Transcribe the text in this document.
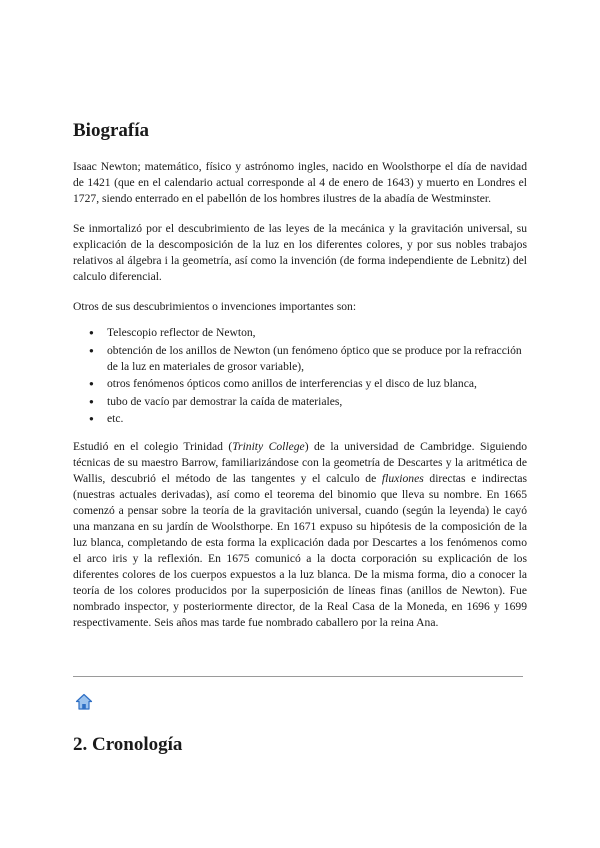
Biografía

Isaac Newton; matemático, físico y astrónomo ingles, nacido en Woolsthorpe el día de navidad de 1421 (que en el calendario actual corresponde al 4 de enero de 1643) y muerto en Londres el 1727, siendo enterrado en el pabellón de los hombres ilustres de la abadía de Westminster.

Se inmortalizó por el descubrimiento de las leyes de la mecánica y la gravitación universal, su explicación de la descomposición de la luz en los diferentes colores, y por sus nobles trabajos relativos al álgebra i la geometría, así como la invención (de forma independiente de Lebnitz) del calculo diferencial.

Otros de sus descubrimientos o invenciones importantes son:

● Telescopio reflector de Newton,
● obtención de los anillos de Newton (un fenómeno óptico que se produce por la refracción de la luz en materiales de grosor variable),
● otros fenómenos ópticos como anillos de interferencias y el disco de luz blanca,
● tubo de vacío par demostrar la caída de materiales,
● etc.

Estudió en el colegio Trinidad (Trinity College) de la universidad de Cambridge. Siguiendo técnicas de su maestro Barrow, familiarizándose con la geometría de Descartes y la aritmética de Wallis, descubrió el método de las tangentes y el calculo de fluxiones directas e indirectas (nuestras actuales derivadas), así como el teorema del binomio que lleva su nombre. En 1665 comenzó a pensar sobre la teoría de la gravitación universal, cuando (según la leyenda) le cayó una manzana en su jardín de Woolsthorpe. En 1671 expuso su hipótesis de la composición de la luz blanca, completando de esta forma la explicación dada por Descartes a los fenómenos como el arco iris y la reflexión. En 1675 comunicó a la docta corporación su explicación de los diferentes colores de los cuerpos expuestos a la luz blanca. De la misma forma, dio a conocer la teoría de los colores producidos por la superposición de líneas finas (anillos de Newton). Fue nombrado inspector, y posteriormente director, de la Real Casa de la Moneda, en 1696 y 1699 respectivamente. Seis años mas tarde fue nombrado caballero por la reina Ana.

2. Cronología
